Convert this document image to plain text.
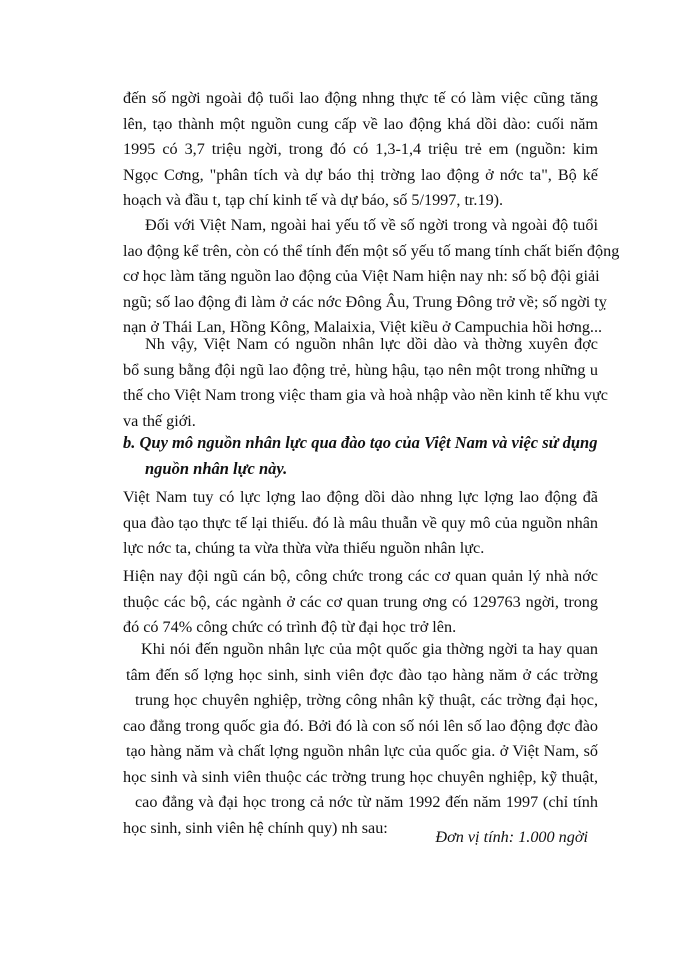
đến số ngời ngoài độ tuổi lao động nhng thực tế có làm việc cũng tăng
lên, tạo thành một nguồn cung cấp về lao động khá dồi dào: cuối năm
1995 có 3,7 triệu ngời, trong đó có 1,3-1,4 triệu trẻ em (nguồn: kim
Ngọc Cơng, "phân tích và dự báo thị trờng lao động ở nớc ta", Bộ kế
hoạch và đầu t, tạp chí kinh tế và dự báo, số 5/1997, tr.19).
Đối với Việt Nam, ngoài hai yếu tố về số ngời trong và ngoài độ tuổi
lao động kể trên, còn có thể tính đến một số yếu tố mang tính chất biến động
cơ học làm tăng nguồn lao động của Việt Nam hiện nay nh: số bộ đội giải
ngũ; số lao động đi làm ở các nớc Đông Âu, Trung Đông trở về; số ngời tỵ
nạn ở Thái Lan, Hồng Kông, Malaixia, Việt kiều ở Campuchia hồi hơng...
Nh vậy, Việt Nam có nguồn nhân lực dồi dào và thờng xuyên đợc
bổ sung bằng đội ngũ lao động trẻ, hùng hậu, tạo nên một trong những u
thế cho Việt Nam trong việc tham gia và hoà nhập vào nền kinh tế khu vực
va thế giới.
b. Quy mô nguồn nhân lực qua đào tạo của Việt Nam và việc sử dụng
nguồn nhân lực này.
Việt Nam tuy có lực lợng lao động dồi dào nhng lực lợng lao động đã
qua đào tạo thực tế lại thiếu. đó là mâu thuẫn về quy mô của nguồn nhân
lực nớc ta, chúng ta vừa thừa vừa thiếu nguồn nhân lực.
Hiện nay đội ngũ cán bộ, công chức trong các cơ quan quản lý nhà nớc
thuộc các bộ, các ngành ở các cơ quan trung ơng có 129763 ngời, trong
đó có 74% công chức có trình độ từ đại học trở lên.
Khi nói đến nguồn nhân lực của một quốc gia thờng ngời ta hay quan
tâm đến số lợng học sinh, sinh viên đợc đào tạo hàng năm ở các trờng
trung học chuyên nghiệp, trờng công nhân kỹ thuật, các trờng đại học,
cao đẳng trong quốc gia đó. Bởi đó là con số nói lên số lao động đợc đào
tạo hàng năm và chất lợng nguồn nhân lực của quốc gia. ở Việt Nam, số
học sinh và sinh viên thuộc các trờng trung học chuyên nghiệp, kỹ thuật,
cao đẳng và đại học trong cả nớc từ năm 1992 đến năm 1997 (chỉ tính
học sinh, sinh viên hệ chính quy) nh sau:
Đơn vị tính: 1.000 ngời
